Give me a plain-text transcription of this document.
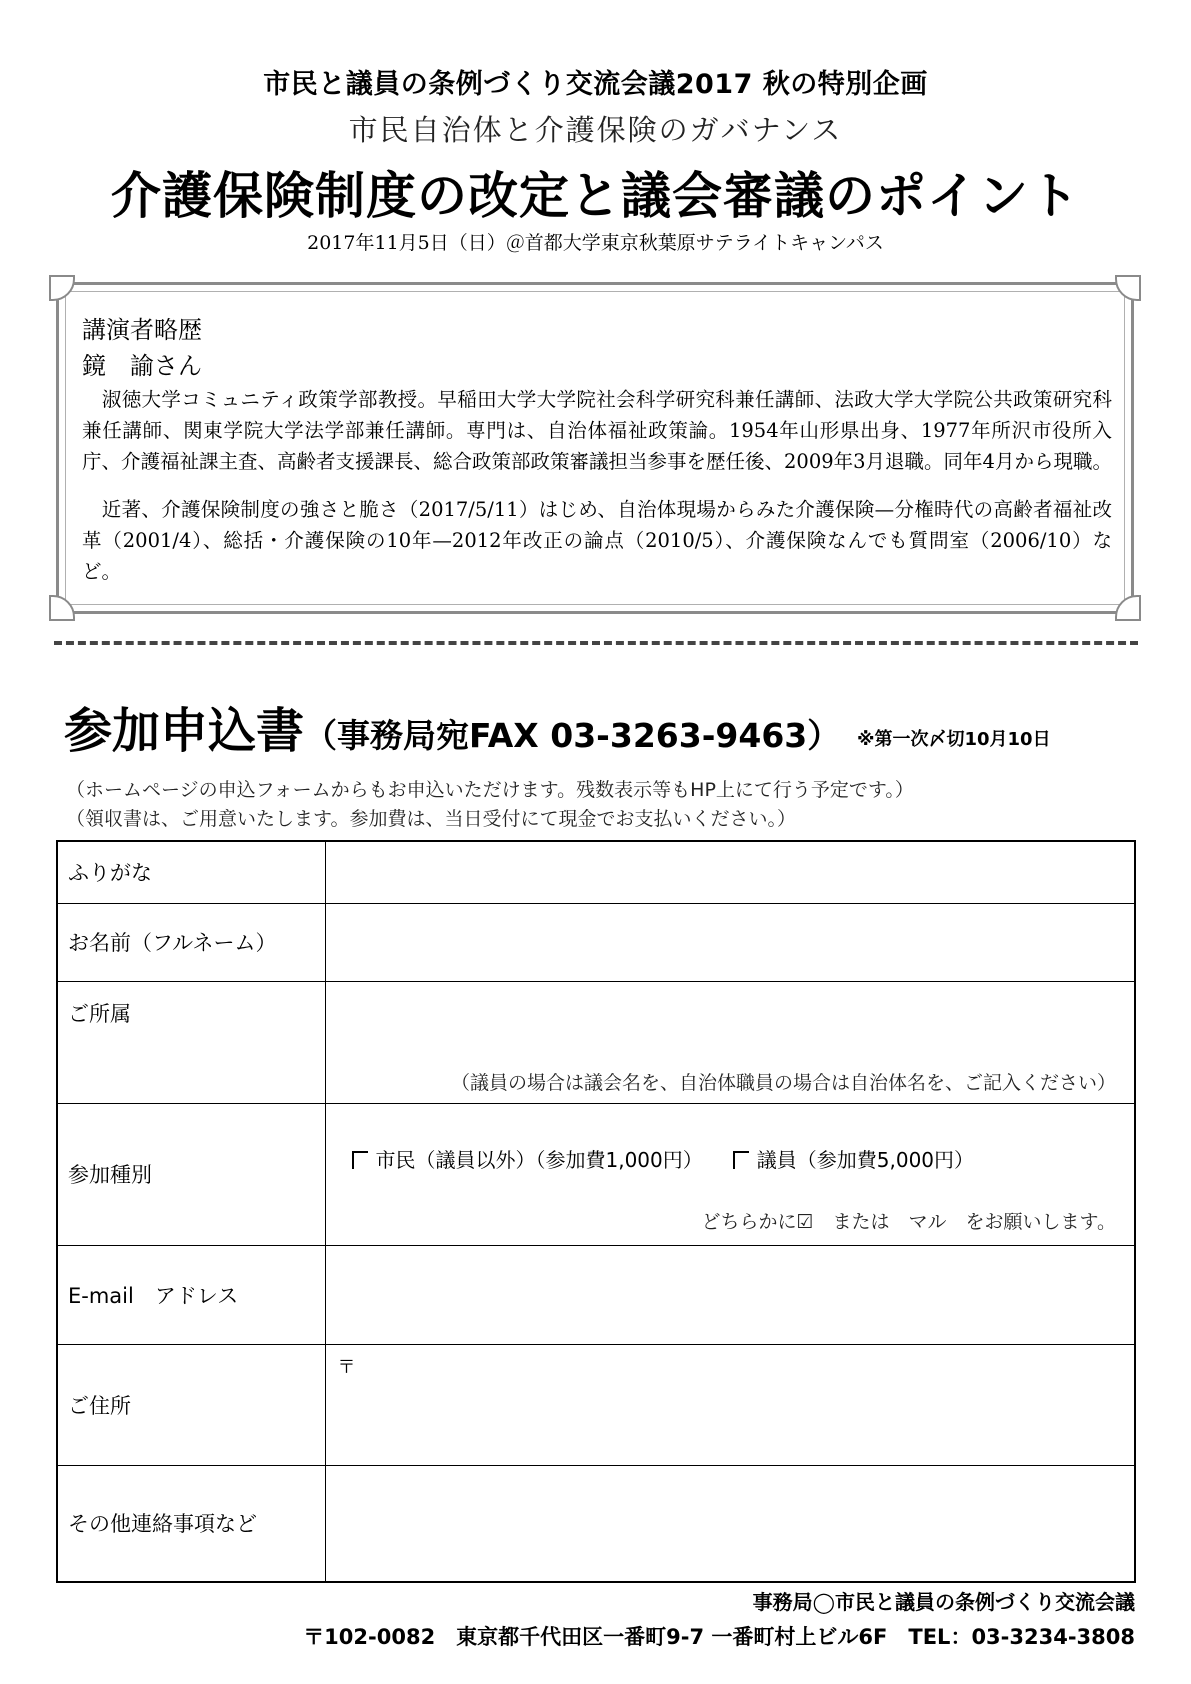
市民と議員の条例づくり交流会議2017 秋の特別企画
市民自治体と介護保険のガバナンス
介護保険制度の改定と議会審議のポイント
2017年11月5日（日）＠首都大学東京秋葉原サテライトキャンパス
講演者略歴
鏡　諭さん
　淑徳大学コミュニティ政策学部教授。早稲田大学大学院社会科学研究科兼任講師、法政大学大学院公共政策研究科兼任講師、関東学院大学法学部兼任講師。専門は、自治体福祉政策論。1954年山形県出身、1977年所沢市役所入庁、介護福祉課主査、高齢者支援課長、総合政策部政策審議担当参事を歴任後、2009年3月退職。同年4月から現職。
　近著、介護保険制度の強さと脆さ（2017/5/11）はじめ、自治体現場からみた介護保険—分権時代の高齢者福祉改革（2001/4）、総括・介護保険の10年—2012年改正の論点（2010/5）、介護保険なんでも質問室（2006/10）など。
参加申込書（事務局宛FAX 03-3263-9463） ※第一次〆切10月10日
（ホームページの申込フォームからもお申込いただけます。残数表示等もHP上にて行う予定です。）
（領収書は、ご用意いたします。参加費は、当日受付にて現金でお支払いください。）
ふりがな	
お名前（フルネーム）	
ご所属	（議員の場合は議会名を、自治体職員の場合は自治体名を、ご記入ください）

参加種別	市民（議員以外）（参加費1,000円） 議員（参加費5,000円）
どちらかに☑　または　マル　をお願いします。

E-mail　アドレス	
ご住所	〒

その他連絡事項など	
事務局◯市民と議員の条例づくり交流会議
〒102-0082　東京都千代田区一番町9-7 一番町村上ビル6F　TEL：03-3234-3808
